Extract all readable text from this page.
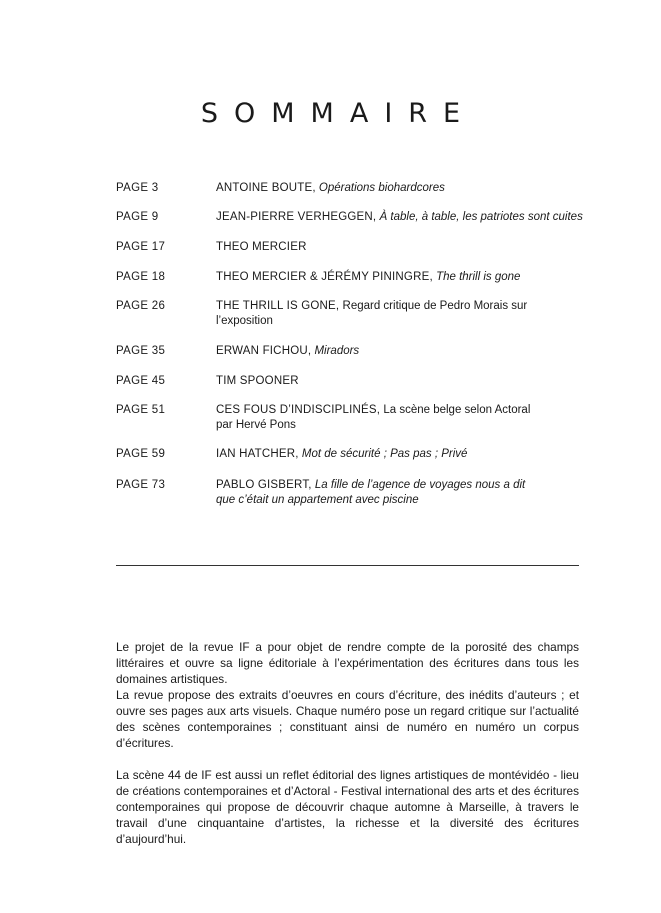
SOMMAIRE
PAGE 3	ANTOINE BOUTE, Opérations biohardcores
PAGE 9	JEAN-PIERRE VERHEGGEN, À table, à table, les patriotes sont cuites
PAGE 17	THEO MERCIER
PAGE 18	THEO MERCIER & JÉRÉMY PININGRE, The thrill is gone
PAGE 26	THE THRILL IS GONE, Regard critique de Pedro Morais sur l’exposition
PAGE 35	ERWAN FICHOU, Miradors
PAGE 45	TIM SPOONER
PAGE 51	CES FOUS D’INDISCIPLINÉS, La scène belge selon Actoral
par Hervé Pons
PAGE 59	IAN HATCHER, Mot de sécurité ; Pas pas ; Privé
PAGE 73	PABLO GISBERT, La fille de l’agence de voyages nous a dit
que c’était un appartement avec piscine

Le projet de la revue IF a pour objet de rendre compte de la porosité des champs littéraires et ouvre sa ligne éditoriale à l’expérimentation des écritures dans tous les domaines artistiques.

La revue propose des extraits d’oeuvres en cours d’écriture, des inédits d’auteurs ; et ouvre ses pages aux arts visuels. Chaque numéro pose un regard critique sur l’actualité des scènes contemporaines ; constituant ainsi de numéro en numéro un corpus d’écritures.

La scène 44 de IF est aussi un reflet éditorial des lignes artistiques de montévidéo - lieu de créations contemporaines et d’Actoral - Festival international des arts et des écritures contemporaines qui propose de découvrir chaque automne à Marseille, à travers le travail d’une cinquantaine d’artistes, la richesse et la diversité des écritures d’aujourd’hui.
